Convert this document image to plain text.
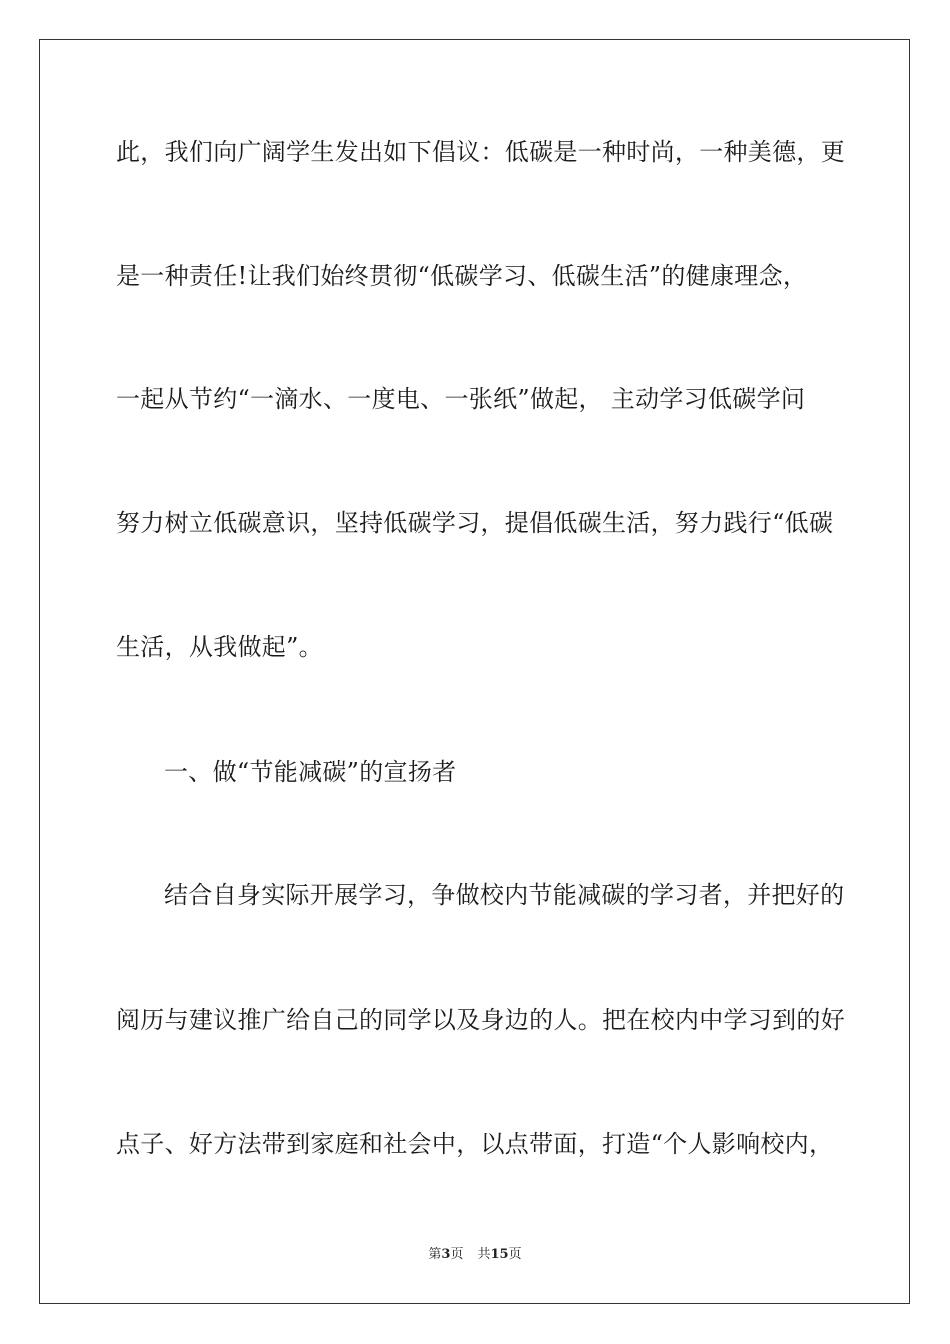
此，我们向广阔学生发出如下倡议：低碳是一种时尚，一种美德，更

是一种责任!让我们始终贯彻“低碳学习、低碳生活”的健康理念，

一起从节约“一滴水、一度电、一张纸”做起， 主动学习低碳学问

努力树立低碳意识，坚持低碳学习，提倡低碳生活，努力践行“低碳

生活，从我做起”。

一、做“节能减碳”的宣扬者

结合自身实际开展学习，争做校内节能减碳的学习者，并把好的

阅历与建议推广给自己的同学以及身边的人。把在校内中学习到的好

点子、好方法带到家庭和社会中，以点带面，打造“个人影响校内，

第3页 共15页
